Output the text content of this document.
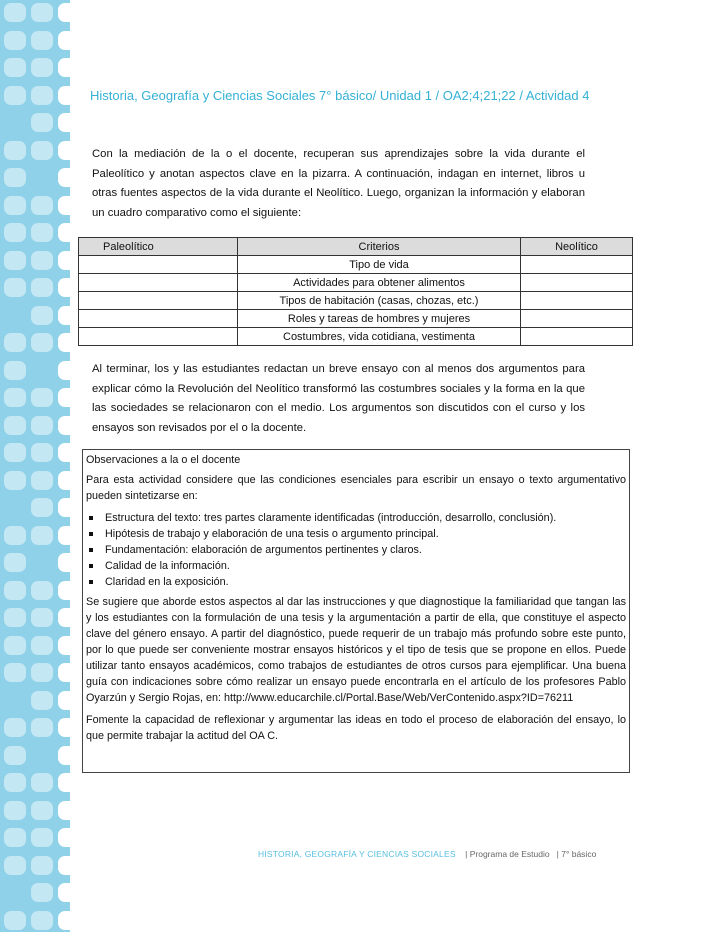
Historia, Geografía y Ciencias Sociales 7° básico/ Unidad 1 / OA2;4;21;22 / Actividad 4
Con la mediación de la o el docente, recuperan sus aprendizajes sobre la vida durante el Paleolítico y anotan aspectos clave en la pizarra. A continuación, indagan en internet, libros u otras fuentes aspectos de la vida durante el Neolítico. Luego, organizan la información y elaboran un cuadro comparativo como el siguiente:
Paleolítico	Criterios	Neolítico
	Tipo de vida	
	Actividades para obtener alimentos	
	Tipos de habitación (casas, chozas, etc.)	
	Roles y tareas de hombres y mujeres	
	Costumbres, vida cotidiana, vestimenta	
Al terminar, los y las estudiantes redactan un breve ensayo con al menos dos argumentos para explicar cómo la Revolución del Neolítico transformó las costumbres sociales y la forma en la que las sociedades se relacionaron con el medio. Los argumentos son discutidos con el curso y los ensayos son revisados por el o la docente.

Observaciones a la o el docente

Para esta actividad considere que las condiciones esenciales para escribir un ensayo o texto argumentativo pueden sintetizarse en:

Estructura del texto: tres partes claramente identificadas (introducción, desarrollo, conclusión).
Hipótesis de trabajo y elaboración de una tesis o argumento principal.
Fundamentación: elaboración de argumentos pertinentes y claros.
Calidad de la información.
Claridad en la exposición.

Se sugiere que aborde estos aspectos al dar las instrucciones y que diagnostique la familiaridad que tangan las y los estudiantes con la formulación de una tesis y la argumentación a partir de ella, que constituye el aspecto clave del género ensayo. A partir del diagnóstico, puede requerir de un trabajo más profundo sobre este punto, por lo que puede ser conveniente mostrar ensayos históricos y el tipo de tesis que se propone en ellos. Puede utilizar tanto ensayos académicos, como trabajos de estudiantes de otros cursos para ejemplificar. Una buena guía con indicaciones sobre cómo realizar un ensayo puede encontrarla en el artículo de los profesores Pablo Oyarzún y Sergio Rojas, en: http://www.educarchile.cl/Portal.Base/Web/VerContenido.aspx?ID=76211

Fomente la capacidad de reflexionar y argumentar las ideas en todo el proceso de elaboración del ensayo, lo que permite trabajar la actitud del OA C.

HISTORIA, GEOGRAFÍA Y CIENCIAS SOCIALES | Programa de Estudio | 7° básico
